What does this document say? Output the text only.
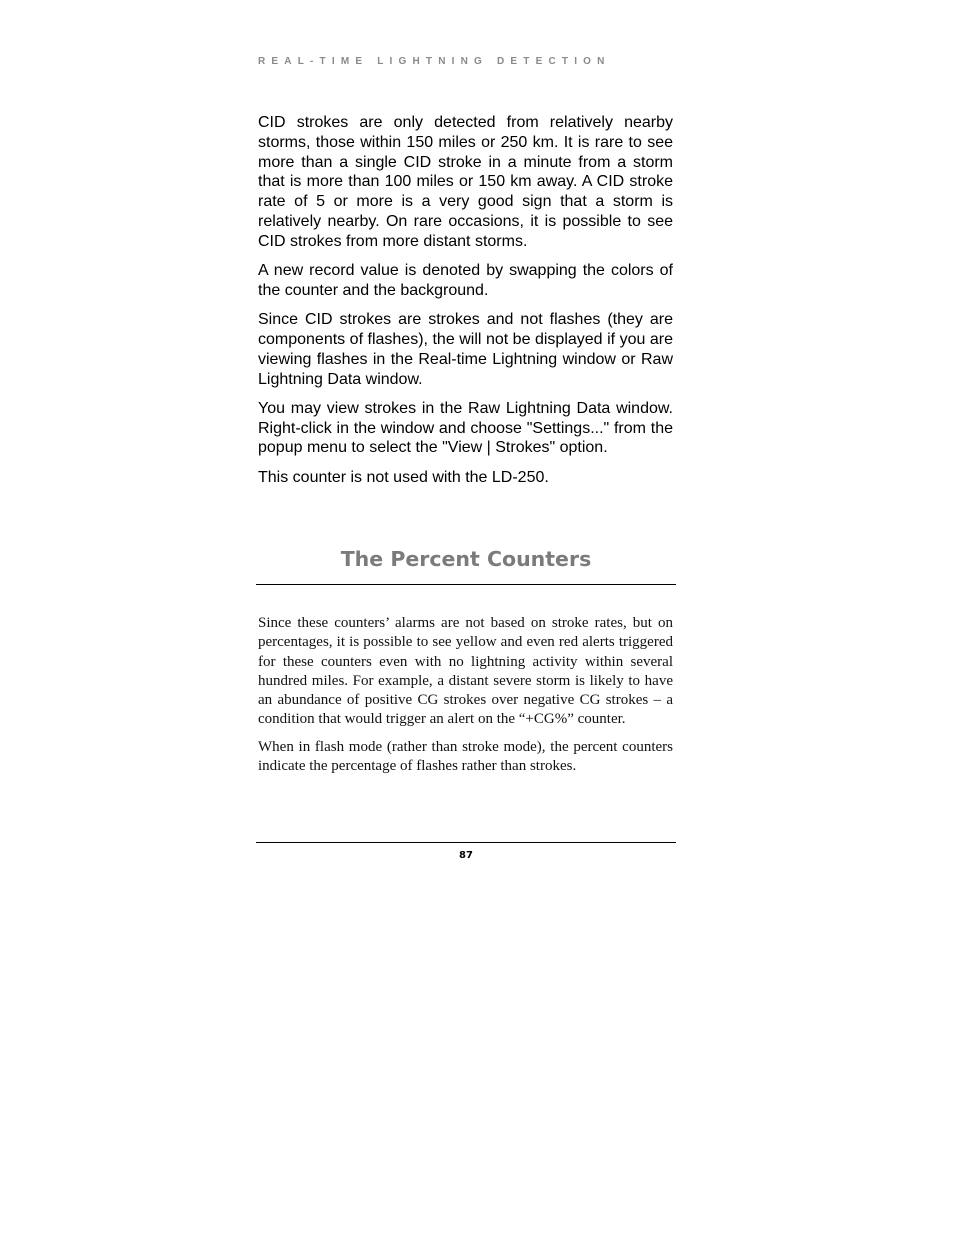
REAL-TIME LIGHTNING DETECTION

CID strokes are only detected from relatively nearby storms, those within 150 miles or 250 km. It is rare to see more than a single CID stroke in a minute from a storm that is more than 100 miles or 150 km away. A CID stroke rate of 5 or more is a very good sign that a storm is relatively nearby. On rare occasions, it is possible to see CID strokes from more distant storms.

A new record value is denoted by swapping the colors of the counter and the background.

Since CID strokes are strokes and not flashes (they are components of flashes), the will not be displayed if you are viewing flashes in the Real-time Lightning window or Raw Lightning Data window.

You may view strokes in the Raw Lightning Data window. Right-click in the window and choose "Settings..." from the popup menu to select the "View | Strokes" option.

This counter is not used with the LD-250.

The Percent Counters

Since these counters’ alarms are not based on stroke rates, but on percentages, it is possible to see yellow and even red alerts triggered for these counters even with no lightning activity within several hundred miles. For example, a distant severe storm is likely to have an abundance of positive CG strokes over negative CG strokes – a condition that would trigger an alert on the “+CG%” counter.

When in flash mode (rather than stroke mode), the percent counters indicate the percentage of flashes rather than strokes.

87
